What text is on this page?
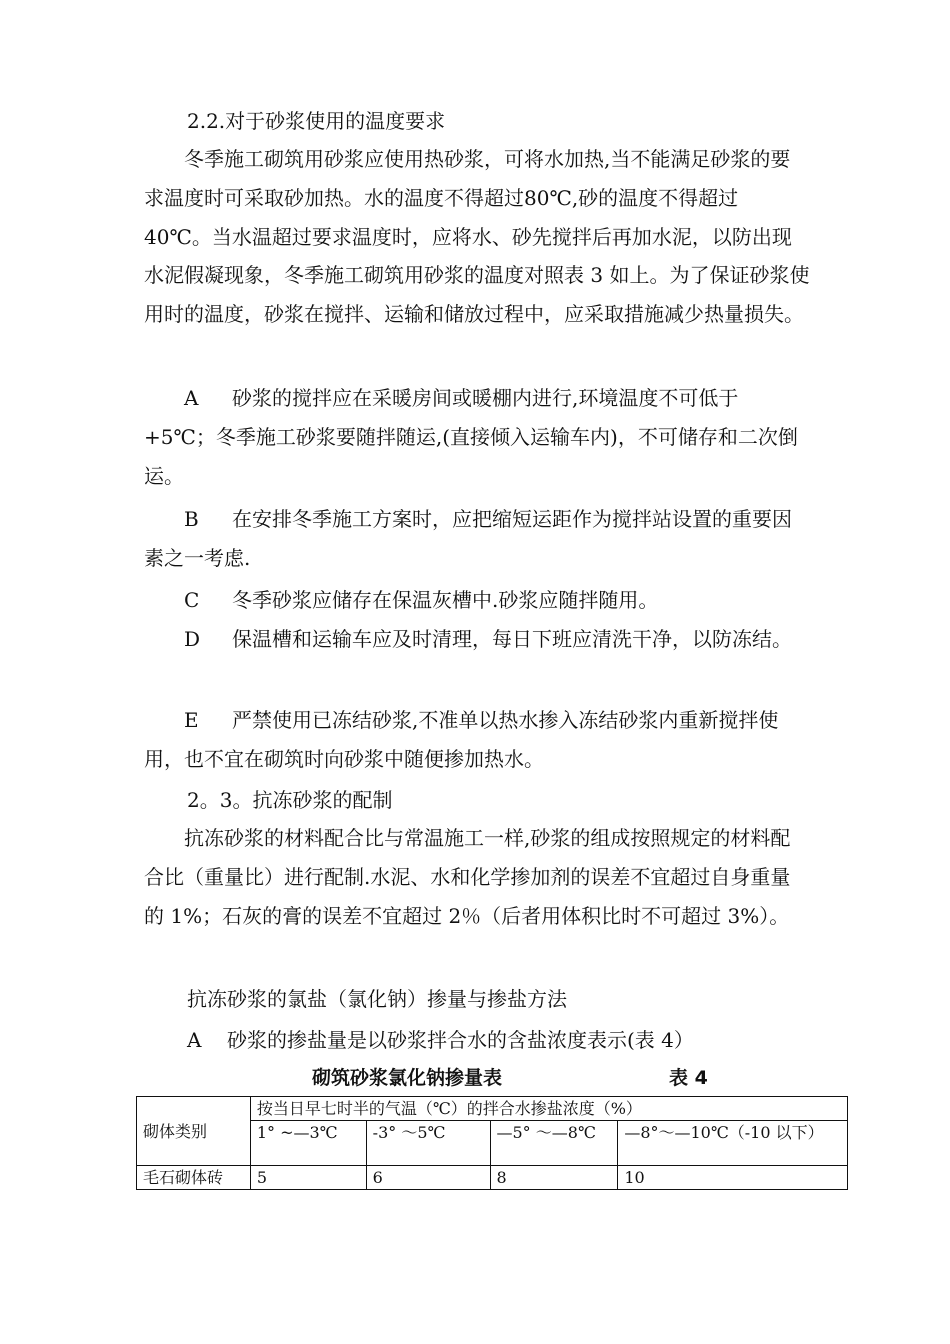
2.2.对于砂浆使用的温度要求

冬季施工砌筑用砂浆应使用热砂浆，可将水加热,当不能满足砂浆的要求温度时可采取砂加热。水的温度不得超过80℃,砂的温度不得超过 40℃。当水温超过要求温度时，应将水、砂先搅拌后再加水泥，以防出现水泥假凝现象，冬季施工砌筑用砂浆的温度对照表 3 如上。为了保证砂浆使用时的温度，砂浆在搅拌、运输和储放过程中，应采取措施减少热量损失。

A 砂浆的搅拌应在采暖房间或暖棚内进行,环境温度不可低于+5℃；冬季施工砂浆要随拌随运,(直接倾入运输车内)，不可储存和二次倒运。

B 在安排冬季施工方案时，应把缩短运距作为搅拌站设置的重要因素之一考虑.

C 冬季砂浆应储存在保温灰槽中.砂浆应随拌随用。

D 保温槽和运输车应及时清理，每日下班应清洗干净，以防冻结。

E 严禁使用已冻结砂浆,不准单以热水掺入冻结砂浆内重新搅拌使用，也不宜在砌筑时向砂浆中随便掺加热水。

2。3。抗冻砂浆的配制

抗冻砂浆的材料配合比与常温施工一样,砂浆的组成按照规定的材料配合比（重量比）进行配制.水泥、水和化学掺加剂的误差不宜超过自身重量的 1%；石灰的膏的误差不宜超过 2％（后者用体积比时不可超过 3%）。

抗冻砂浆的氯盐（氯化钠）掺量与掺盐方法
A 砂浆的掺盐量是以砂浆拌合水的含盐浓度表示(表 4）
砌筑砂浆氯化钠掺量表	表 4
砌体类别	按当日早七时半的气温（℃）的拌合水掺盐浓度（%）			
	1° ~—3℃	-3° ～5℃	—5° ～—8℃	—8°～—10℃（-10 以下）
毛石砌体砖	5	6	8	10
